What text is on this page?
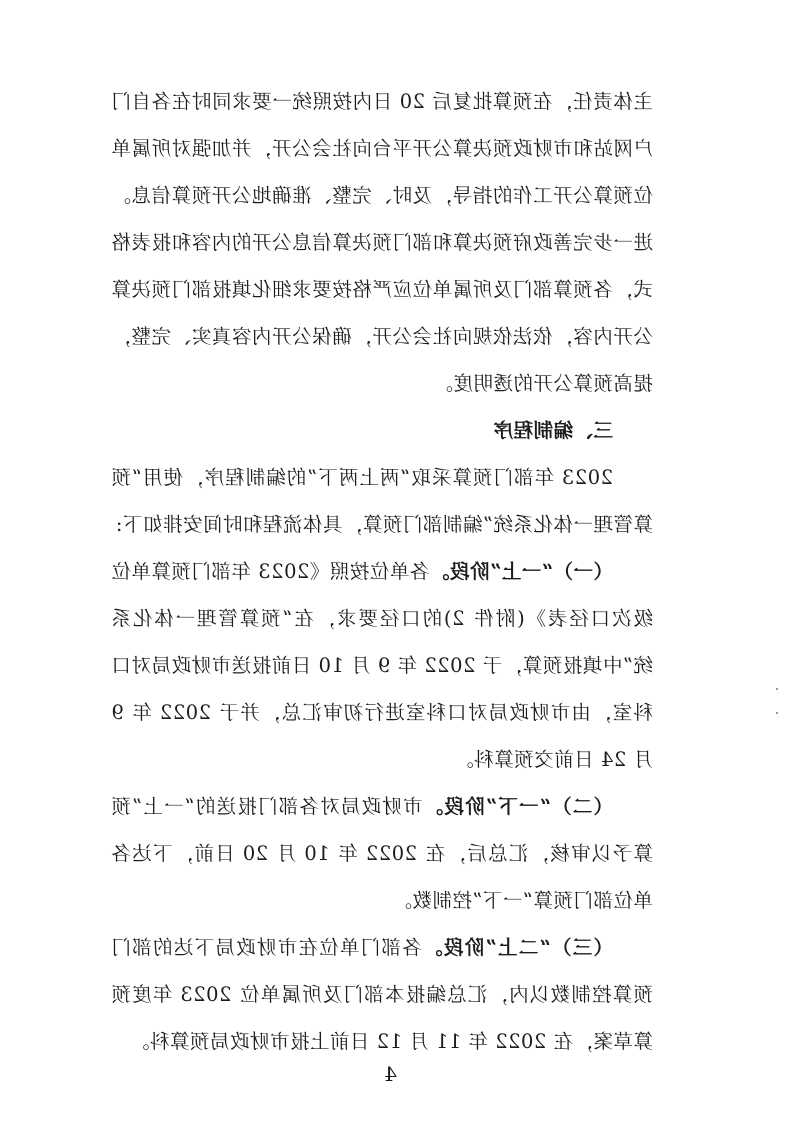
主体责任，在预算批复后 20 日内按照统一要求同时在各自门户网站和市财政预决算公开平台向社会公开，并加强对所属单位预算公开工作的指导，及时、完整、准确地公开预算信息。进一步完善政府预决算和部门预决算信息公开的内容和报表格式，各预算部门及所属单位应严格按要求细化填报部门预决算公开内容，依法依规向社会公开，确保公开内容真实、完整，提高预算公开的透明度。

三、编制程序

2023 年部门预算采取“两上两下”的编制程序，使用“预算管理一体化系统”编制部门预算，具体流程和时间安排如下:

（一）“一上”阶段。各单位按照《2023 年部门预算单位级次口径表》(附件 2)的口径要求，在“预算管理一体化系统”中填报预算，于 2022 年 9 月 10 日前报送市财政局对口科室，由市财政局对口科室进行初审汇总，并于 2022 年 9 月 24 日前交预算科。

（二）“一下”阶段。市财政局对各部门报送的“一上”预算予以审核，汇总后，在 2022 年 10 月 20 日前，下达各单位部门预算“一下”控制数。

（三）“二上”阶段。各部门单位在市财政局下达的部门预算控制数以内，汇总编报本部门及所属单位 2023 年度预算草案，在 2022 年 11 月 12 日前上报市财政局预算科。

4
